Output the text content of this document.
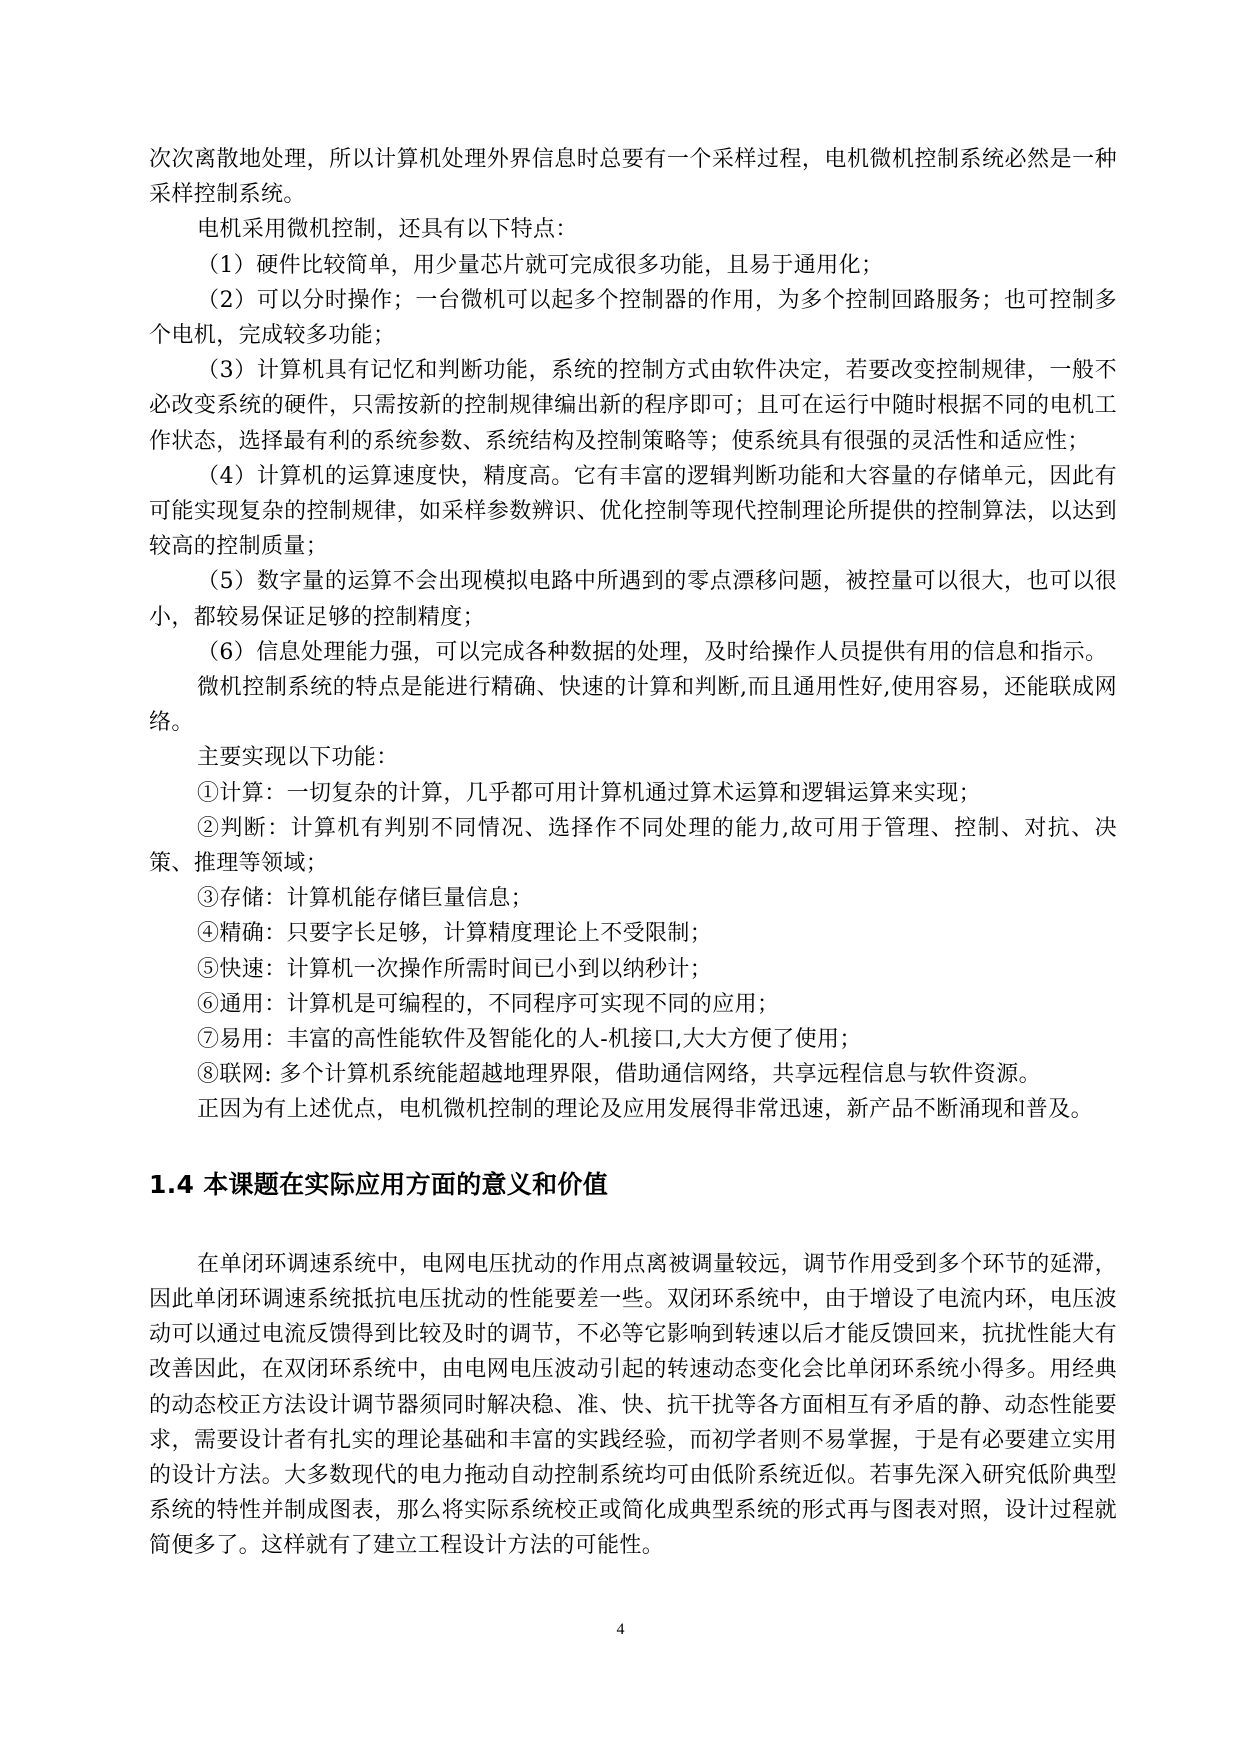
次次离散地处理，所以计算机处理外界信息时总要有一个采样过程，电机微机控制系统必然是一种采样控制系统。

电机采用微机控制，还具有以下特点：

（1）硬件比较简单，用少量芯片就可完成很多功能，且易于通用化；

（2）可以分时操作；一台微机可以起多个控制器的作用，为多个控制回路服务；也可控制多个电机，完成较多功能；

（3）计算机具有记忆和判断功能，系统的控制方式由软件决定，若要改变控制规律，一般不必改变系统的硬件，只需按新的控制规律编出新的程序即可；且可在运行中随时根据不同的电机工作状态，选择最有利的系统参数、系统结构及控制策略等；使系统具有很强的灵活性和适应性；

（4）计算机的运算速度快，精度高。它有丰富的逻辑判断功能和大容量的存储单元，因此有可能实现复杂的控制规律，如采样参数辨识、优化控制等现代控制理论所提供的控制算法，以达到较高的控制质量；

（5）数字量的运算不会出现模拟电路中所遇到的零点漂移问题，被控量可以很大，也可以很小，都较易保证足够的控制精度；

（6）信息处理能力强，可以完成各种数据的处理，及时给操作人员提供有用的信息和指示。

微机控制系统的特点是能进行精确、快速的计算和判断,而且通用性好,使用容易，还能联成网络。

主要实现以下功能：

①计算：一切复杂的计算，几乎都可用计算机通过算术运算和逻辑运算来实现；

②判断：计算机有判别不同情况、选择作不同处理的能力,故可用于管理、控制、对抗、决策、推理等领域；

③存储：计算机能存储巨量信息；

④精确：只要字长足够，计算精度理论上不受限制；

⑤快速：计算机一次操作所需时间已小到以纳秒计；

⑥通用：计算机是可编程的，不同程序可实现不同的应用；

⑦易用：丰富的高性能软件及智能化的人-机接口,大大方便了使用；

⑧联网: 多个计算机系统能超越地理界限，借助通信网络，共享远程信息与软件资源。

正因为有上述优点，电机微机控制的理论及应用发展得非常迅速，新产品不断涌现和普及。

1.4 本课题在实际应用方面的意义和价值

在单闭环调速系统中，电网电压扰动的作用点离被调量较远，调节作用受到多个环节的延滞，因此单闭环调速系统抵抗电压扰动的性能要差一些。双闭环系统中，由于增设了电流内环，电压波动可以通过电流反馈得到比较及时的调节，不必等它影响到转速以后才能反馈回来，抗扰性能大有改善因此，在双闭环系统中，由电网电压波动引起的转速动态变化会比单闭环系统小得多。用经典的动态校正方法设计调节器须同时解决稳、准、快、抗干扰等各方面相互有矛盾的静、动态性能要求，需要设计者有扎实的理论基础和丰富的实践经验，而初学者则不易掌握，于是有必要建立实用的设计方法。大多数现代的电力拖动自动控制系统均可由低阶系统近似。若事先深入研究低阶典型系统的特性并制成图表，那么将实际系统校正或简化成典型系统的形式再与图表对照，设计过程就简便多了。这样就有了建立工程设计方法的可能性。

4
